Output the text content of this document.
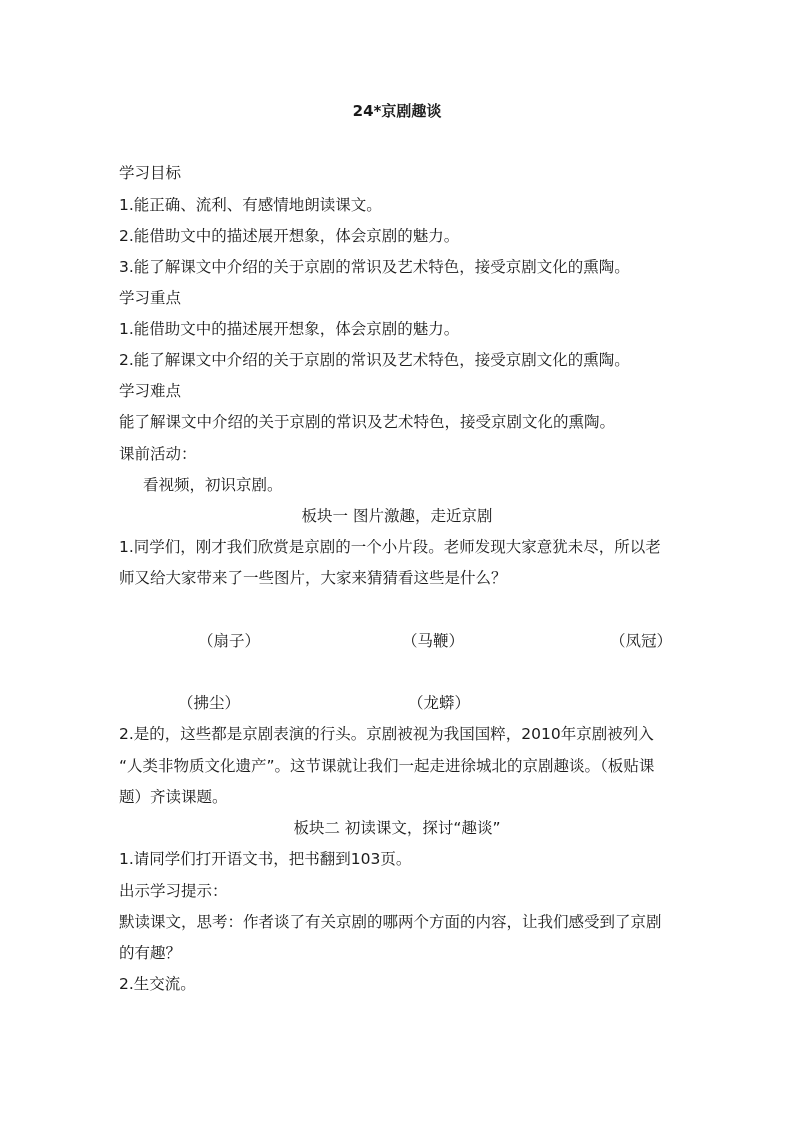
24*京剧趣谈
学习目标
1.能正确、流利、有感情地朗读课文。
2.能借助文中的描述展开想象，体会京剧的魅力。
3.能了解课文中介绍的关于京剧的常识及艺术特色，接受京剧文化的熏陶。
学习重点
1.能借助文中的描述展开想象，体会京剧的魅力。
2.能了解课文中介绍的关于京剧的常识及艺术特色，接受京剧文化的熏陶。
学习难点
能了解课文中介绍的关于京剧的常识及艺术特色，接受京剧文化的熏陶。
课前活动：
看视频，初识京剧。
板块一 图片激趣，走近京剧
1.同学们，刚才我们欣赏是京剧的一个小片段。老师发现大家意犹未尽，所以老
师又给大家带来了一些图片，大家来猜猜看这些是什么？
（扇子）	（马鞭）	（凤冠）
（拂尘）	（龙蟒）
2.是的，这些都是京剧表演的行头。京剧被视为我国国粹，2010年京剧被列入
“人类非物质文化遗产”。这节课就让我们一起走进徐城北的京剧趣谈。（板贴课
题）齐读课题。
板块二 初读课文，探讨“趣谈”
1.请同学们打开语文书，把书翻到103页。
出示学习提示：
默读课文，思考：作者谈了有关京剧的哪两个方面的内容，让我们感受到了京剧
的有趣？
2.生交流。
